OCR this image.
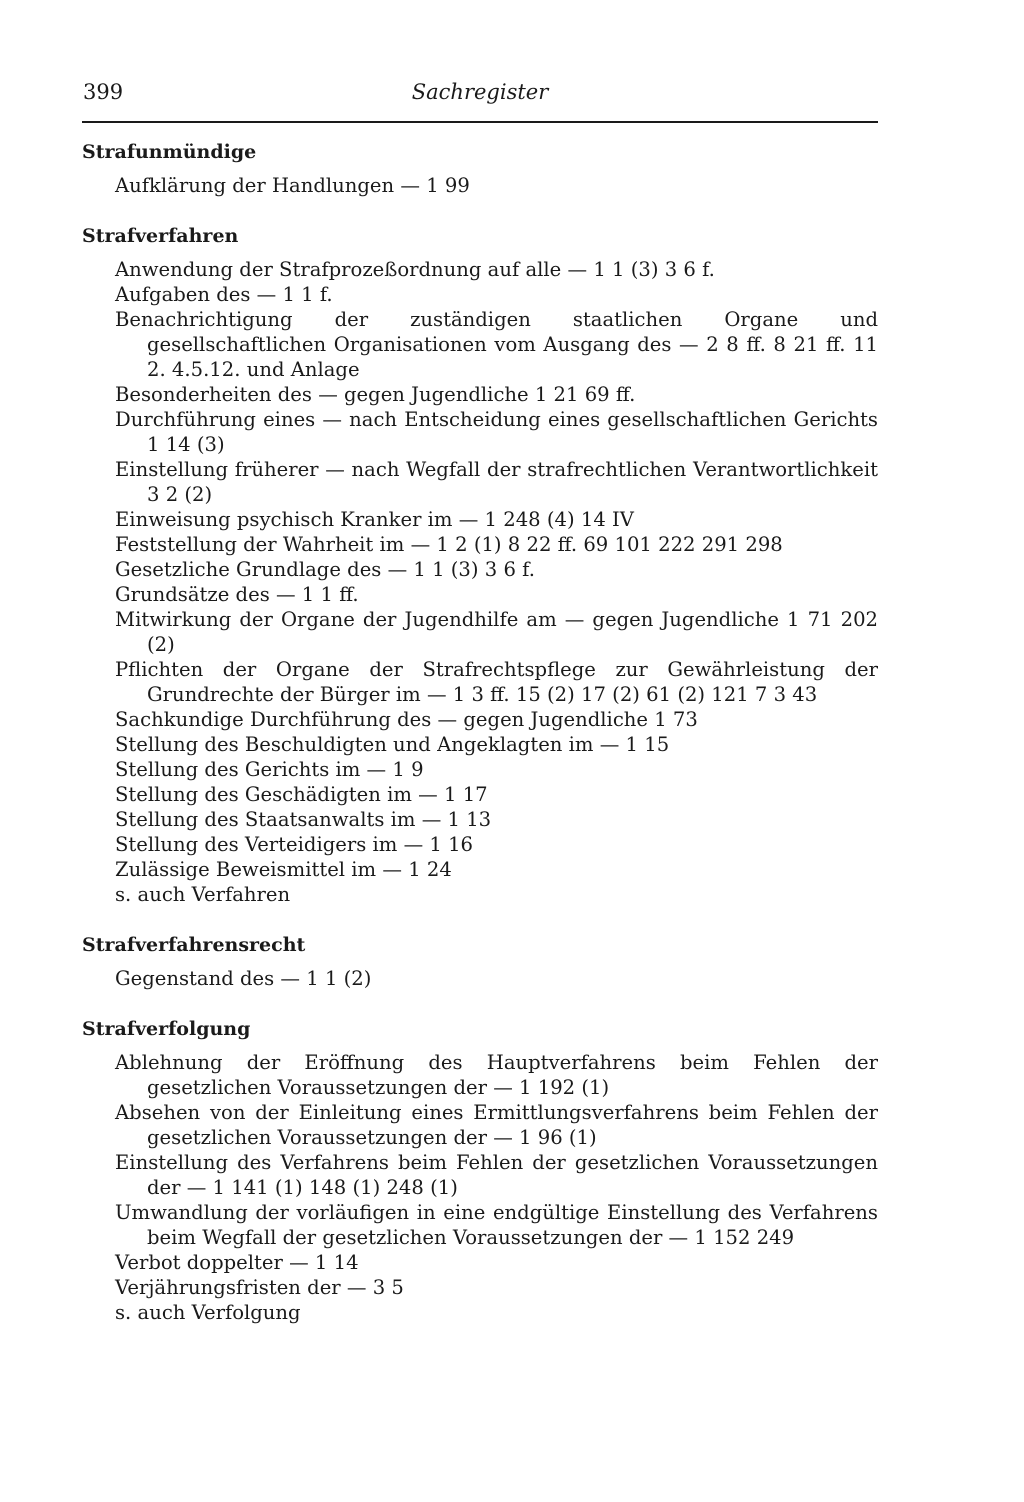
399	Sachregister
Strafunmündige
Aufklärung der Handlungen — 1 99
Strafverfahren
Anwendung der Strafprozeßordnung auf alle — 1 1 (3) 3 6 f.
Aufgaben des — 1 1 f.
Benachrichtigung der zuständigen staatlichen Organe und gesellschaftlichen Organisationen vom Ausgang des — 2 8 ff. 8 21 ff. 11 2. 4.5.12. und Anlage
Besonderheiten des — gegen Jugendliche 1 21 69 ff.
Durchführung eines — nach Entscheidung eines gesellschaftlichen Gerichts 1 14 (3)
Einstellung früherer — nach Wegfall der strafrechtlichen Verantwortlichkeit 3 2 (2)
Einweisung psychisch Kranker im — 1 248 (4) 14 IV
Feststellung der Wahrheit im — 1 2 (1) 8 22 ff. 69 101 222 291 298
Gesetzliche Grundlage des — 1 1 (3) 3 6 f.
Grundsätze des — 1 1 ff.
Mitwirkung der Organe der Jugendhilfe am — gegen Jugendliche 1 71 202 (2)
Pflichten der Organe der Strafrechtspflege zur Gewährleistung der Grundrechte der Bürger im — 1 3 ff. 15 (2) 17 (2) 61 (2) 121 7 3 43
Sachkundige Durchführung des — gegen Jugendliche 1 73
Stellung des Beschuldigten und Angeklagten im — 1 15
Stellung des Gerichts im — 1 9
Stellung des Geschädigten im — 1 17
Stellung des Staatsanwalts im — 1 13
Stellung des Verteidigers im — 1 16
Zulässige Beweismittel im — 1 24
s. auch Verfahren
Strafverfahrensrecht
Gegenstand des — 1 1 (2)
Strafverfolgung
Ablehnung der Eröffnung des Hauptverfahrens beim Fehlen der gesetzlichen Voraussetzungen der — 1 192 (1)
Absehen von der Einleitung eines Ermittlungsverfahrens beim Fehlen der gesetzlichen Voraussetzungen der — 1 96 (1)
Einstellung des Verfahrens beim Fehlen der gesetzlichen Voraussetzungen der — 1 141 (1) 148 (1) 248 (1)
Umwandlung der vorläufigen in eine endgültige Einstellung des Verfahrens beim Wegfall der gesetzlichen Voraussetzungen der — 1 152 249
Verbot doppelter — 1 14
Verjährungsfristen der — 3 5
s. auch Verfolgung
